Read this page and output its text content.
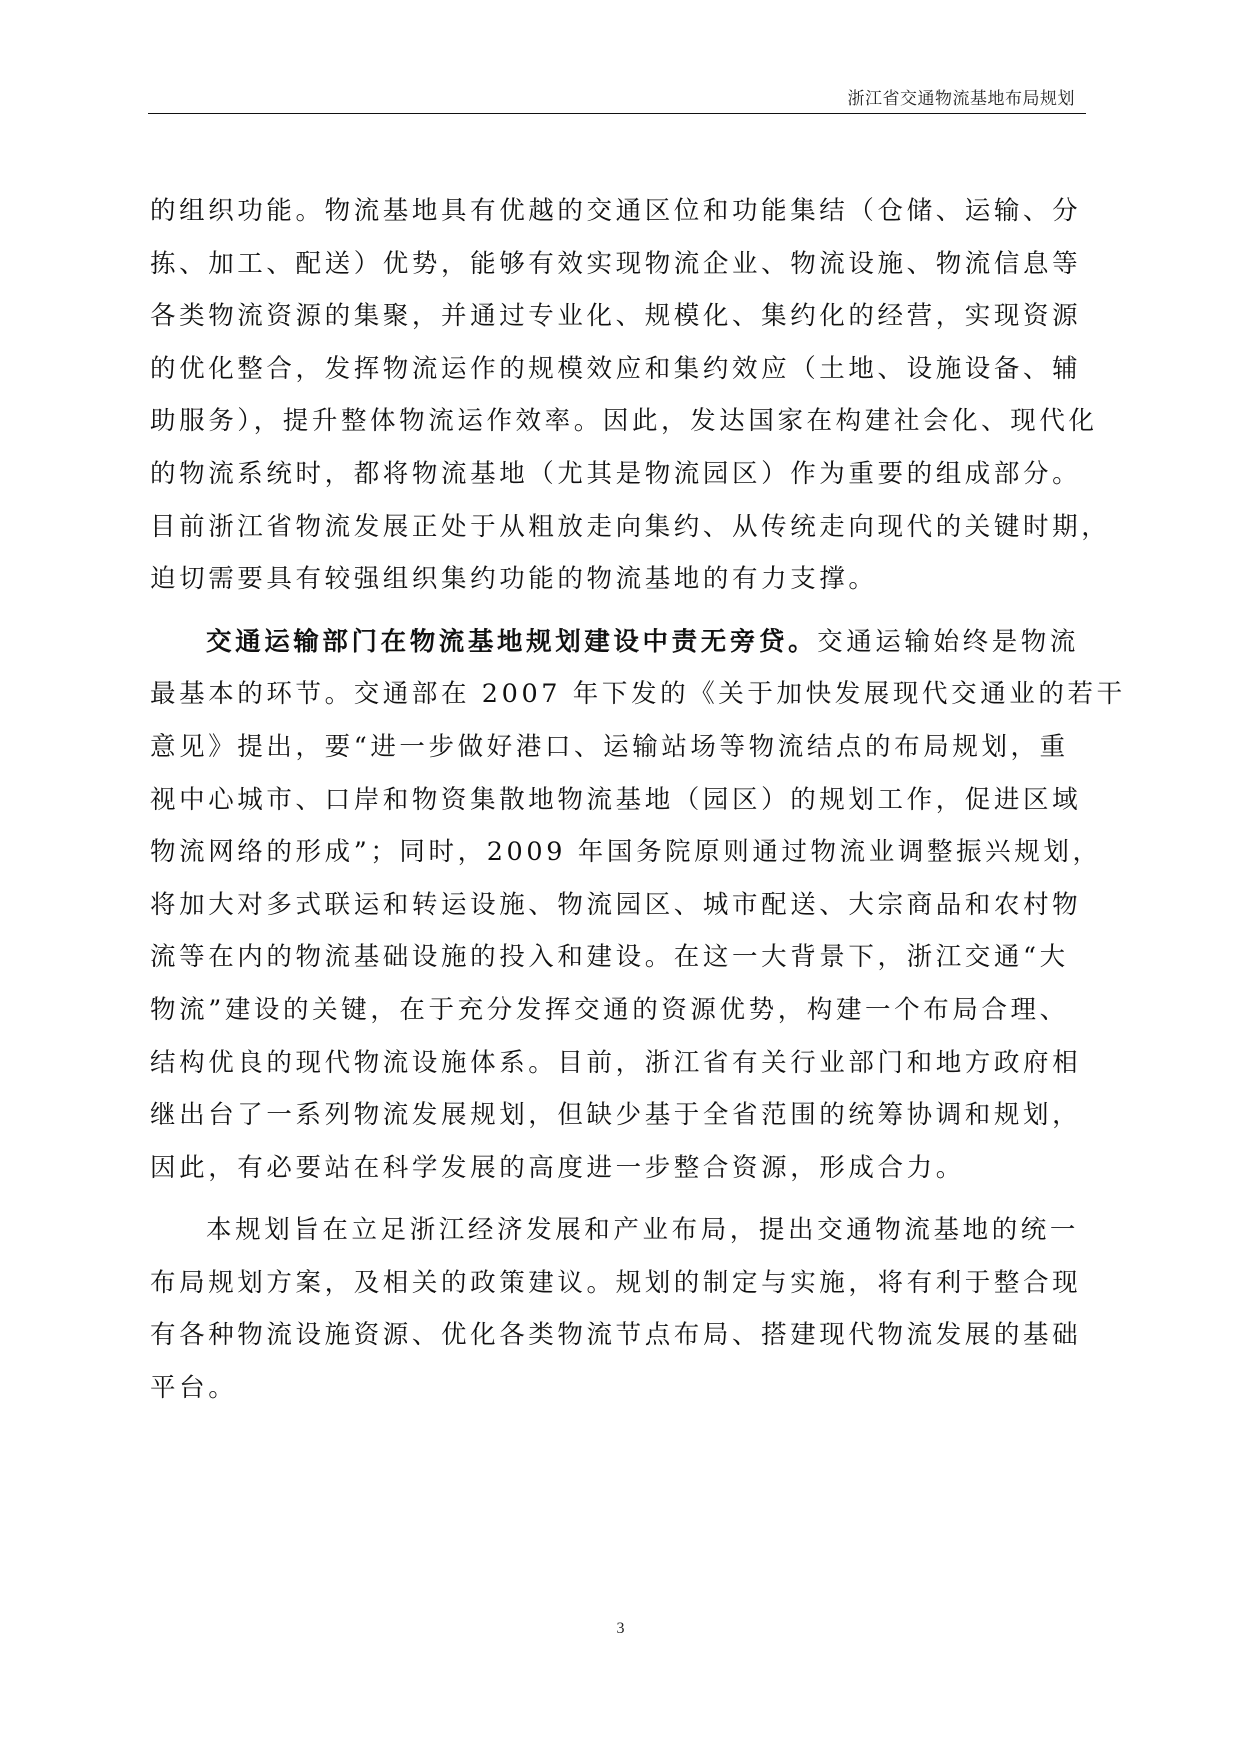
浙江省交通物流基地布局规划
的组织功能。物流基地具有优越的交通区位和功能集结（仓储、运输、分
拣、加工、配送）优势，能够有效实现物流企业、物流设施、物流信息等
各类物流资源的集聚，并通过专业化、规模化、集约化的经营，实现资源
的优化整合，发挥物流运作的规模效应和集约效应（土地、设施设备、辅
助服务），提升整体物流运作效率。因此，发达国家在构建社会化、现代化
的物流系统时，都将物流基地（尤其是物流园区）作为重要的组成部分。
目前浙江省物流发展正处于从粗放走向集约、从传统走向现代的关键时期，
迫切需要具有较强组织集约功能的物流基地的有力支撑。
交通运输部门在物流基地规划建设中责无旁贷。交通运输始终是物流
最基本的环节。交通部在 2007 年下发的《关于加快发展现代交通业的若干
意见》提出，要“进一步做好港口、运输站场等物流结点的布局规划，重
视中心城市、口岸和物资集散地物流基地（园区）的规划工作，促进区域
物流网络的形成”；同时，2009 年国务院原则通过物流业调整振兴规划，
将加大对多式联运和转运设施、物流园区、城市配送、大宗商品和农村物
流等在内的物流基础设施的投入和建设。在这一大背景下，浙江交通“大
物流”建设的关键，在于充分发挥交通的资源优势，构建一个布局合理、
结构优良的现代物流设施体系。目前，浙江省有关行业部门和地方政府相
继出台了一系列物流发展规划，但缺少基于全省范围的统筹协调和规划，
因此，有必要站在科学发展的高度进一步整合资源，形成合力。
本规划旨在立足浙江经济发展和产业布局，提出交通物流基地的统一
布局规划方案，及相关的政策建议。规划的制定与实施，将有利于整合现
有各种物流设施资源、优化各类物流节点布局、搭建现代物流发展的基础
平台。
3
